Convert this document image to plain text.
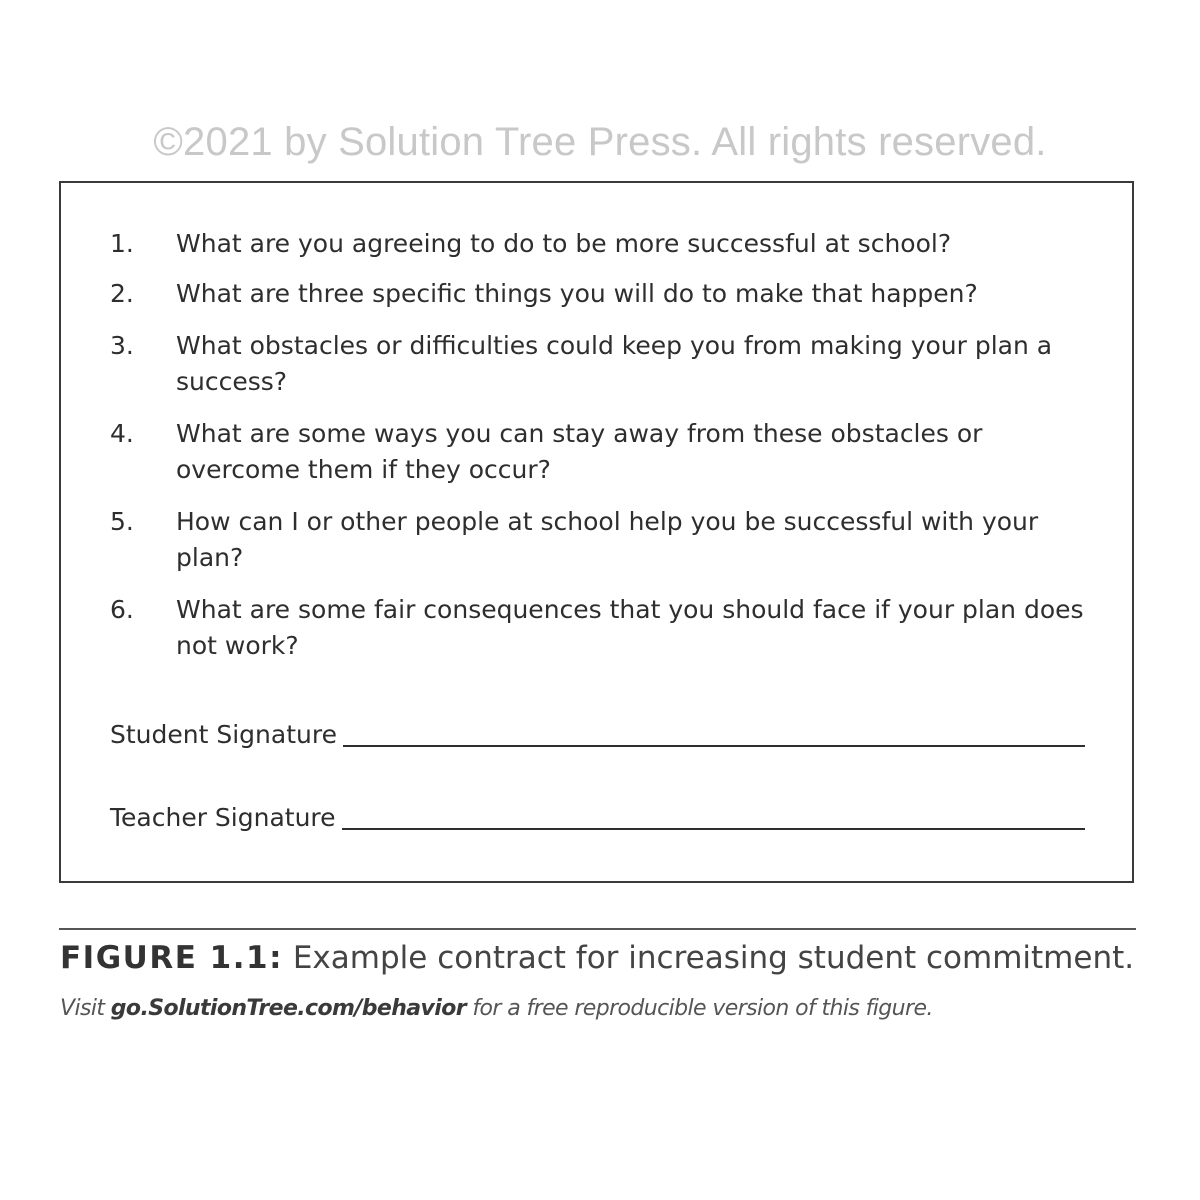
©2021 by Solution Tree Press. All rights reserved.
1.	What are you agreeing to do to be more successful at school?
2.	What are three specific things you will do to make that happen?
3.	What obstacles or difficulties could keep you from making your plan a success?
4.	What are some ways you can stay away from these obstacles or overcome them if they occur?
5.	How can I or other people at school help you be successful with your plan?
6.	What are some fair consequences that you should face if your plan does not work?
Student Signature
Teacher Signature
FIGURE 1.1: Example contract for increasing student commitment.
Visit go.SolutionTree.com/behavior for a free reproducible version of this figure.
